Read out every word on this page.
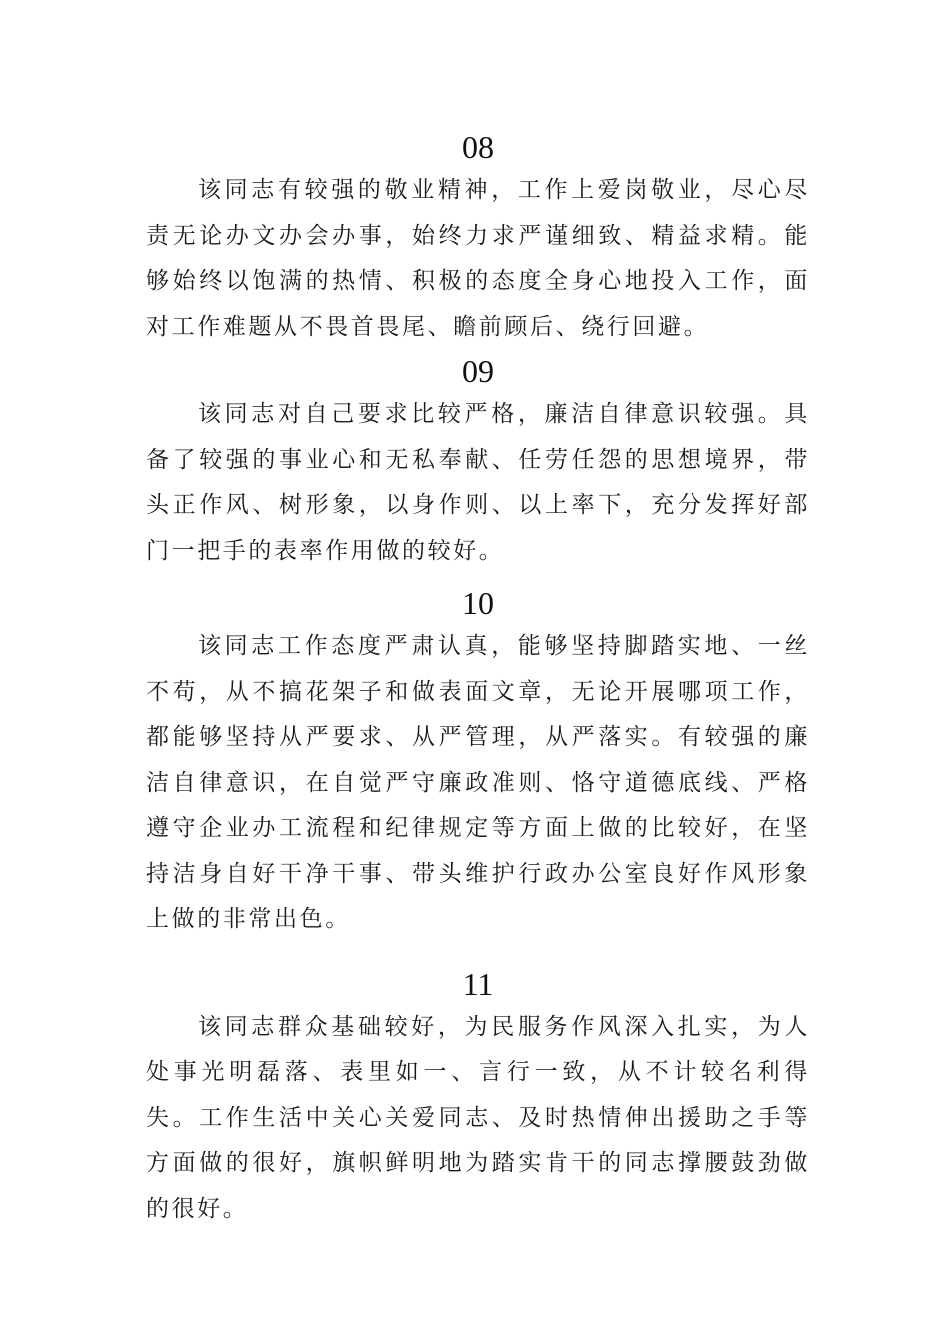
08

该同志有较强的敬业精神，工作上爱岗敬业，尽心尽责无论办文办会办事，始终力求严谨细致、精益求精。能够始终以饱满的热情、积极的态度全身心地投入工作，面对工作难题从不畏首畏尾、瞻前顾后、绕行回避。

09

该同志对自己要求比较严格，廉洁自律意识较强。具备了较强的事业心和无私奉献、任劳任怨的思想境界，带头正作风、树形象，以身作则、以上率下，充分发挥好部门一把手的表率作用做的较好。

10

该同志工作态度严肃认真，能够坚持脚踏实地、一丝不苟，从不搞花架子和做表面文章，无论开展哪项工作，都能够坚持从严要求、从严管理，从严落实。有较强的廉洁自律意识，在自觉严守廉政准则、恪守道德底线、严格遵守企业办工流程和纪律规定等方面上做的比较好，在坚持洁身自好干净干事、带头维护行政办公室良好作风形象上做的非常出色。

11

该同志群众基础较好，为民服务作风深入扎实，为人处事光明磊落、表里如一、言行一致，从不计较名利得失。工作生活中关心关爱同志、及时热情伸出援助之手等方面做的很好，旗帜鲜明地为踏实肯干的同志撑腰鼓劲做的很好。
